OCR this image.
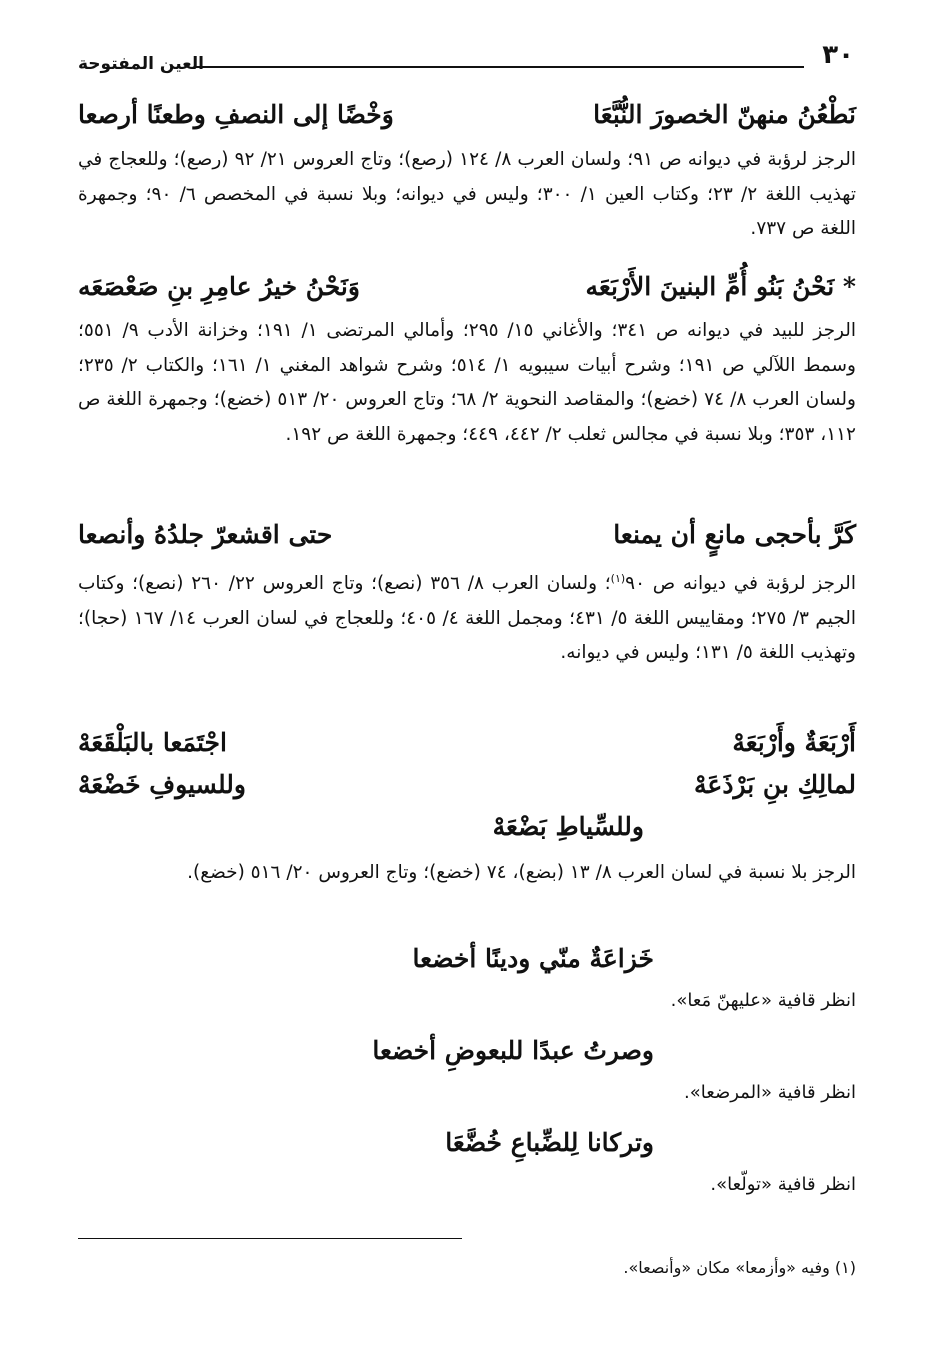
٣٠
العين المفتوحة
نَطْعُنُ منهنّ الخصورَ النُّبَّعَا
وَخْضًا إلى النصفِ وطعنًا أرصعا
الرجز لرؤبة في ديوانه ص ٩١؛ ولسان العرب ٨/ ١٢٤ (رصع)؛ وتاج العروس ٢١/ ٩٢ (رصع)؛ وللعجاج في تهذيب اللغة ٢/ ٢٣؛ وكتاب العين ١/ ٣٠٠؛ وليس في ديوانه؛ وبلا نسبة في المخصص ٦/ ٩٠؛ وجمهرة اللغة ص ٧٣٧.
* نَحْنُ بَنُو أُمِّ البنينَ الأَرْبَعَه
وَنَحْنُ خيرُ عامِرِ بنِ صَعْصَعَه
الرجز للبيد في ديوانه ص ٣٤١؛ والأغاني ١٥/ ٢٩٥؛ وأمالي المرتضى ١/ ١٩١؛ وخزانة الأدب ٩/ ٥٥١؛ وسمط اللآلي ص ١٩١؛ وشرح أبيات سيبويه ١/ ٥١٤؛ وشرح شواهد المغني ١/ ١٦١؛ والكتاب ٢/ ٢٣٥؛ ولسان العرب ٨/ ٧٤ (خضع)؛ والمقاصد النحوية ٢/ ٦٨؛ وتاج العروس ٢٠/ ٥١٣ (خضع)؛ وجمهرة اللغة ص ١١٢، ٣٥٣؛ وبلا نسبة في مجالس ثعلب ٢/ ٤٤٢، ٤٤٩؛ وجمهرة اللغة ص ١٩٢.
كَرَّ بأحجى مانعٍ أن يمنعا
حتى اقشعرّ جلدُهُ وأنصعا
الرجز لرؤبة في ديوانه ص ٩٠$^{(١)}$؛ ولسان العرب ٨/ ٣٥٦ (نصع)؛ وتاج العروس ٢٢/ ٢٦٠ (نصع)؛ وكتاب الجيم ٣/ ٢٧٥؛ ومقاييس اللغة ٥/ ٤٣١؛ ومجمل اللغة ٤/ ٤٠٥؛ وللعجاج في لسان العرب ١٤/ ١٦٧ (حجا)؛ وتهذيب اللغة ٥/ ١٣١؛ وليس في ديوانه.
أَرْبَعَةٌ وأَرْبَعَهْ
اجْتَمَعا بالبَلْقَعَهْ
لمالِكِ بنِ بَرْذَعَهْ
وللسيوفِ خَضْعَهْ
وللسِّياطِ بَضْعَهْ
الرجز بلا نسبة في لسان العرب ٨/ ١٣ (بضع)، ٧٤ (خضع)؛ وتاج العروس ٢٠/ ٥١٦ (خضع).
خَزاعَةٌ منّي ودينًا أخضعا
انظر قافية «عليهنّ مَعا».
وصرتُ عبدًا للبعوضِ أخضعا
انظر قافية «المرضعا».
وتركانا لِلضِّباعِ خُضَّعَا
انظر قافية «تولّعا».
(١) وفيه «وأزمعا» مكان «وأنصعا».
